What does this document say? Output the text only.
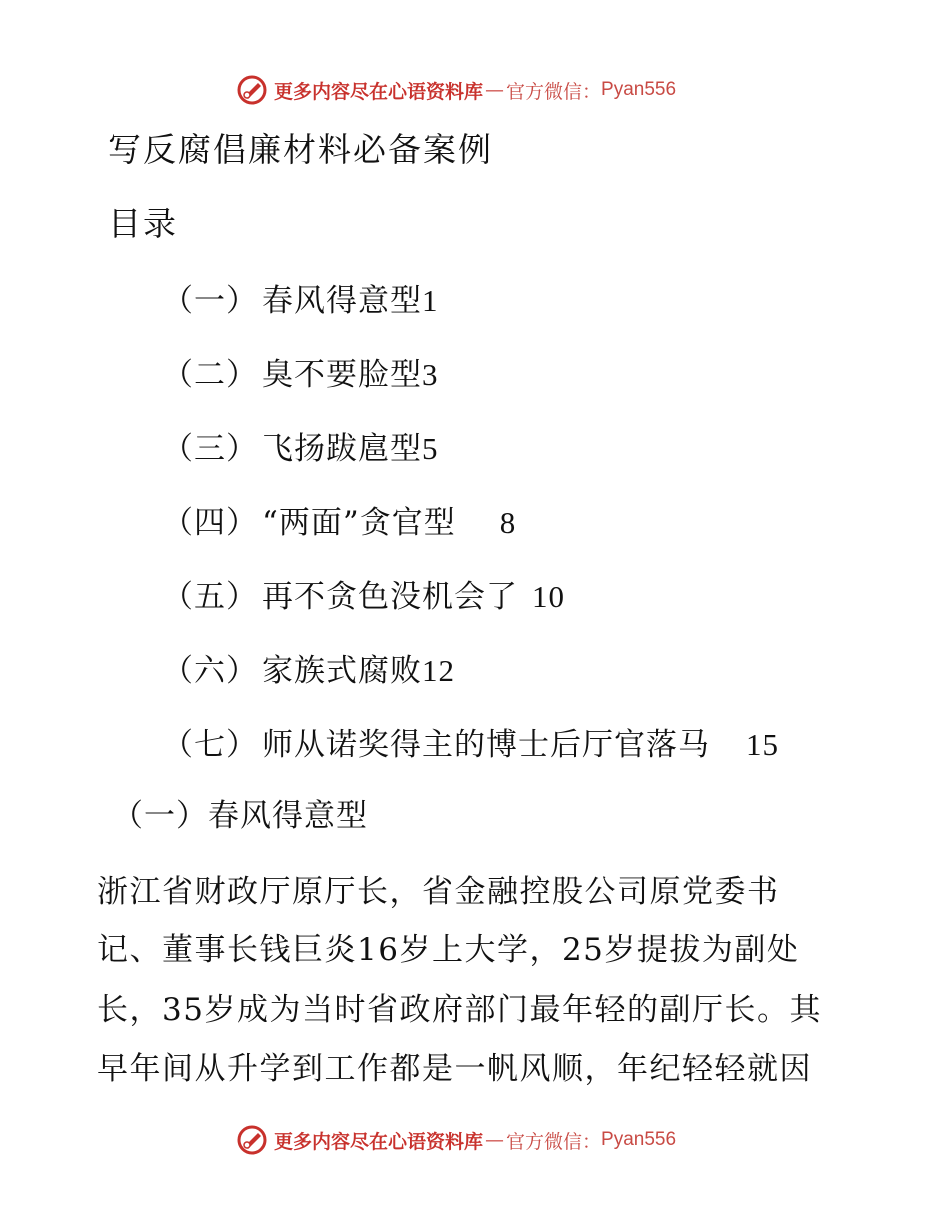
更多内容尽在心语资料库 — 官方微信： Pyan556
写反腐倡廉材料必备案例
目录
（一） 春风得意型1
（二） 臭不要脸型3
（三） 飞扬跋扈型5
（四） “两面”贪官型 8
（五） 再不贪色没机会了 10
（六） 家族式腐败12
（七） 师从诺奖得主的博士后厅官落马 15
（一）春风得意型
浙江省财政厅原厅长，省金融控股公司原党委书
记、董事长钱巨炎16岁上大学，25岁提拔为副处
长，35岁成为当时省政府部门最年轻的副厅长。其
早年间从升学到工作都是一帆风顺，年纪轻轻就因
更多内容尽在心语资料库 — 官方微信： Pyan556
